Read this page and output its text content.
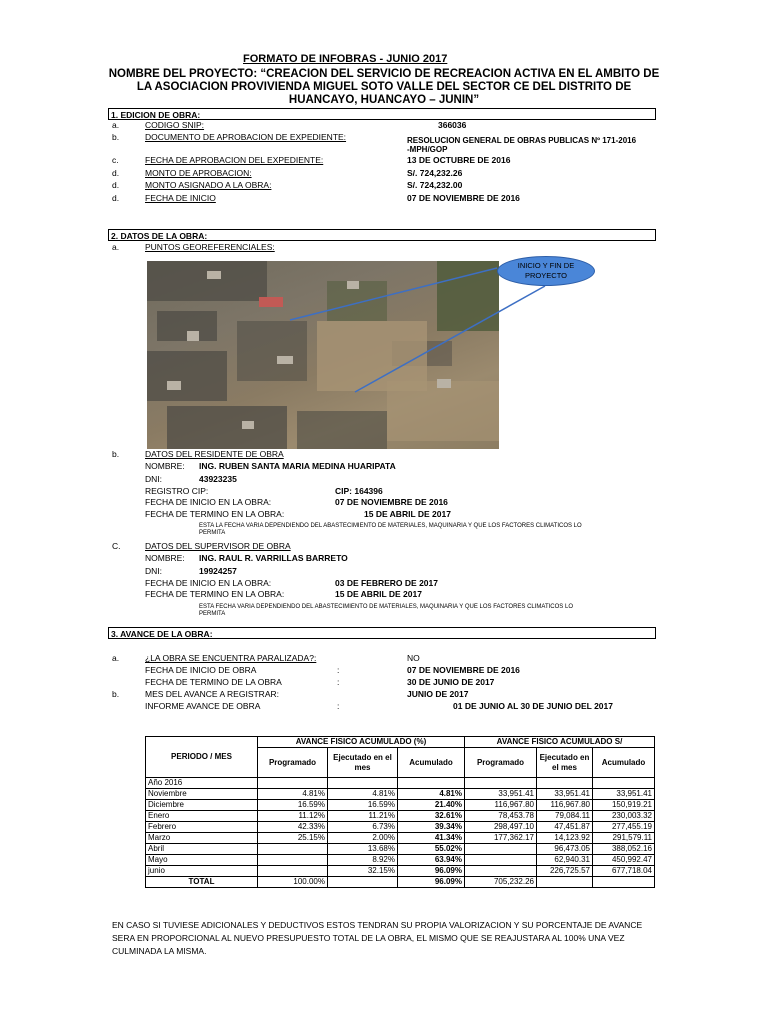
FORMATO DE INFOBRAS - JUNIO 2017
NOMBRE DEL PROYECTO: “CREACION DEL SERVICIO DE RECREACION ACTIVA EN EL AMBITO DE LA ASOCIACION PROVIVIENDA MIGUEL SOTO VALLE DEL SECTOR CE DEL DISTRITO DE HUANCAYO, HUANCAYO – JUNIN”
1. EDICION DE OBRA:
a.	CODIGO SNIP:	366036
b.	DOCUMENTO DE APROBACION DE EXPEDIENTE:	RESOLUCION GENERAL DE OBRAS PUBLICAS Nº 171-2016 -MPH/GOP
c.	FECHA DE APROBACION DEL EXPEDIENTE:	13 DE OCTUBRE DE 2016
d.	MONTO DE APROBACION:	S/. 724,232.26
d.	MONTO ASIGNADO A LA OBRA:	S/. 724,232.00
d.	FECHA DE INICIO	07 DE NOVIEMBRE DE 2016
2. DATOS DE LA OBRA:
a.	PUNTOS GEOREFERENCIALES:
INICIO Y FIN DE PROYECTO
b.	DATOS DEL RESIDENTE DE OBRA
NOMBRE: ING. RUBEN SANTA MARIA MEDINA HUARIPATA
DNI:	43923235
REGISTRO CIP:	CIP: 164396
FECHA DE INICIO EN LA OBRA:	07 DE NOVIEMBRE DE 2016
FECHA DE TERMINO EN LA OBRA:	15 DE ABRIL DE 2017
ESTA LA FECHA VARIA DEPENDIENDO DEL ABASTECIMIENTO DE MATERIALES, MAQUINARIA Y QUE LOS FACTORES CLIMATICOS LO PERMITA
C.	DATOS DEL SUPERVISOR DE OBRA
NOMBRE: ING. RAUL R. VARRILLAS BARRETO
DNI:	19924257
FECHA DE INICIO EN LA OBRA:	03 DE FEBRERO DE 2017
FECHA DE TERMINO EN LA OBRA:	15 DE ABRIL DE 2017
ESTA FECHA VARIA DEPENDIENDO DEL ABASTECIMIENTO DE MATERIALES, MAQUINARIA Y QUE LOS FACTORES CLIMATICOS LO PERMITA
3. AVANCE DE LA OBRA:
a.	¿LA OBRA SE ENCUENTRA PARALIZADA?:	NO
FECHA DE INICIO DE OBRA	:	07 DE NOVIEMBRE DE 2016
FECHA DE TERMINO DE LA OBRA	:	30 DE JUNIO DE 2017
b.	MES DEL AVANCE A REGISTRAR:	JUNIO DE 2017
INFORME AVANCE DE OBRA	:	01 DE JUNIO AL 30 DE JUNIO DEL 2017
PERIODO / MES	AVANCE FISICO ACUMULADO (%)			AVANCE FISICO ACUMULADO S/		
	Programado	Ejecutado en el mes	Acumulado	Programado	Ejecutado en el mes	Acumulado
Año 2016						
Noviembre	4.81%	4.81%	4.81%	33,951.41	33,951.41	33,951.41
Diciembre	16.59%	16.59%	21.40%	116,967.80	116,967.80	150,919.21
Enero	11.12%	11.21%	32.61%	78,453.78	79,084.11	230,003.32
Febrero	42.33%	6.73%	39.34%	298,497.10	47,451.87	277,455.19
Marzo	25.15%	2.00%	41.34%	177,362.17	14,123.92	291,579.11
Abril		13.68%	55.02%		96,473.05	388,052.16
Mayo		8.92%	63.94%		62,940.31	450,992.47
junio		32.15%	96.09%		226,725.57	677,718.04
TOTAL	100.00%		96.09%	705,232.26		
EN CASO SI TUVIESE ADICIONALES Y DEDUCTIVOS ESTOS TENDRAN SU PROPIA VALORIZACION Y SU PORCENTAJE DE AVANCE
SERA EN PROPORCIONAL AL NUEVO PRESUPUESTO TOTAL DE LA OBRA, EL MISMO QUE SE REAJUSTARA AL 100% UNA VEZ
CULMINADA LA MISMA.
